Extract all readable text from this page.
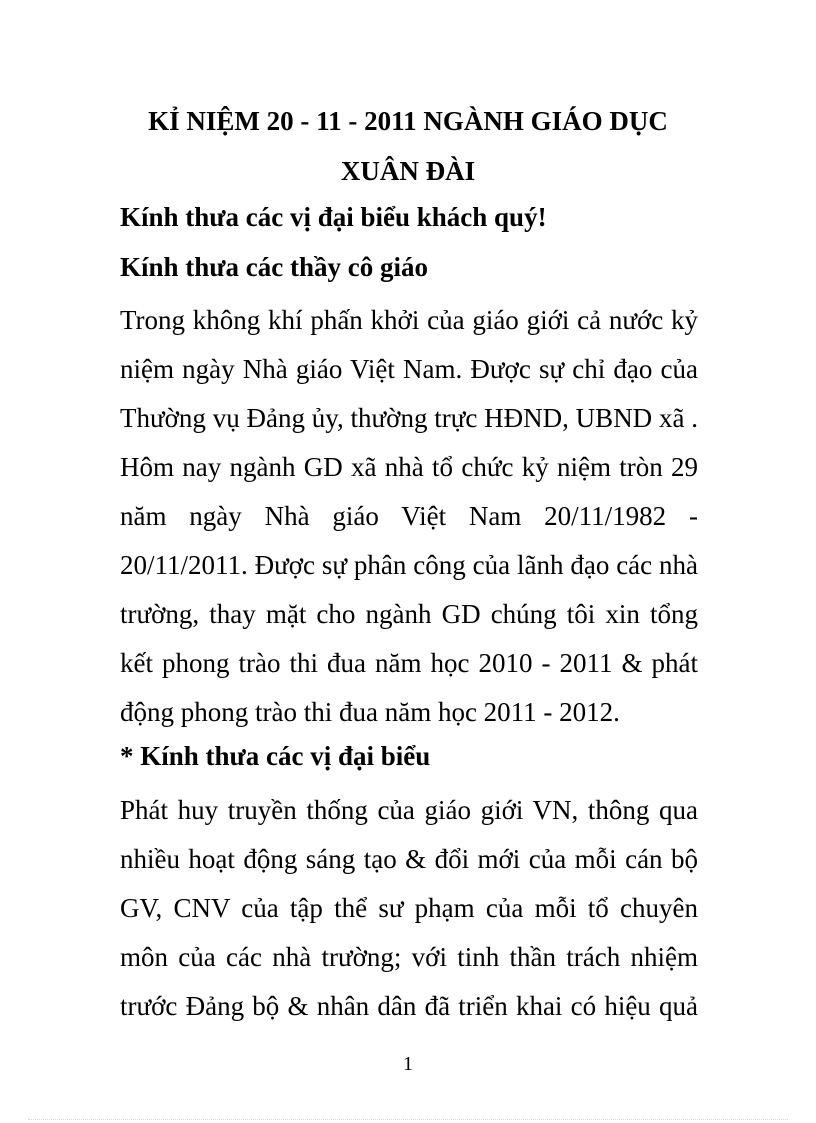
KỈ NIỆM 20 - 11 - 2011 NGÀNH GIÁO DỤC
XUÂN ĐÀI
Kính thưa các vị đại biểu khách quý!
Kính thưa các thầy cô giáo
Trong không khí phấn khởi của giáo giới cả nước kỷ
niệm ngày Nhà giáo Việt Nam. Được sự chỉ đạo của
Thường vụ Đảng ủy, thường trực HĐND, UBND xã .
Hôm nay ngành GD xã nhà tổ chức kỷ niệm tròn 29
năm ngày Nhà giáo Việt Nam 20/11/1982 -
20/11/2011. Được sự phân công của lãnh đạo các nhà
trường, thay mặt cho ngành GD chúng tôi xin tổng
kết phong trào thi đua năm học 2010 - 2011 & phát
động phong trào thi đua năm học 2011 - 2012.
* Kính thưa các vị đại biểu
Phát huy truyền thống của giáo giới VN, thông qua
nhiều hoạt động sáng tạo & đổi mới của mỗi cán bộ
GV, CNV của tập thể sư phạm của mỗi tổ chuyên
môn của các nhà trường; với tinh thần trách nhiệm
trước Đảng bộ & nhân dân đã triển khai có hiệu quả
1
